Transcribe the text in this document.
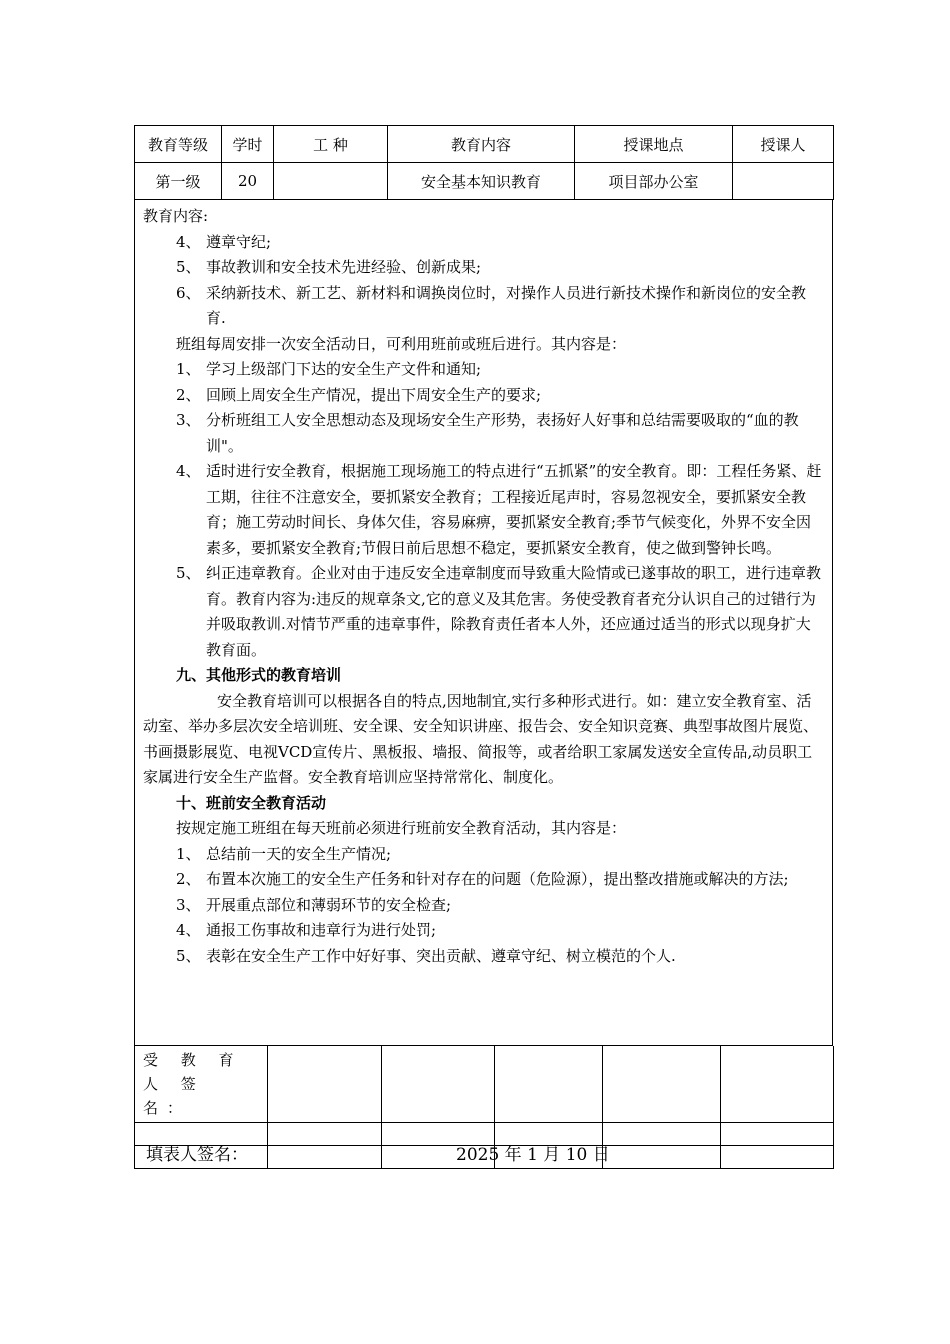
教育等级	学时	工 种	教育内容	授课地点	授课人
第一级	20		安全基本知识教育	项目部办公室	

教育内容:

4、 遵章守纪;
5、 事故教训和安全技术先进经验、创新成果;
6、 采纳新技术、新工艺、新材料和调换岗位时，对操作人员进行新技术操作和新岗位的安全教育.

班组每周安排一次安全活动日，可利用班前或班后进行。其内容是：

1、 学习上级部门下达的安全生产文件和通知;
2、 回顾上周安全生产情况，提出下周安全生产的要求;
3、 分析班组工人安全思想动态及现场安全生产形势，表扬好人好事和总结需要吸取的“血的教训"。
4、 适时进行安全教育，根据施工现场施工的特点进行“五抓紧”的安全教育。即：工程任务紧、赶工期，往往不注意安全，要抓紧安全教育；工程接近尾声时，容易忽视安全，要抓紧安全教育；施工劳动时间长、身体欠佳，容易麻痹，要抓紧安全教育;季节气候变化，外界不安全因素多，要抓紧安全教育;节假日前后思想不稳定，要抓紧安全教育，使之做到警钟长鸣。
5、 纠正违章教育。企业对由于违反安全违章制度而导致重大险情或已遂事故的职工，进行违章教育。教育内容为:违反的规章条文,它的意义及其危害。务使受教育者充分认识自己的过错行为并吸取教训.对情节严重的违章事件，除教育责任者本人外，还应通过适当的形式以现身扩大教育面。

九、其他形式的教育培训

安全教育培训可以根据各自的特点,因地制宜,实行多种形式进行。如：建立安全教育室、活动室、举办多层次安全培训班、安全课、安全知识讲座、报告会、安全知识竞赛、典型事故图片展览、书画摄影展览、电视VCD宣传片、黑板报、墙报、简报等，或者给职工家属发送安全宣传品,动员职工家属进行安全生产监督。安全教育培训应坚持常常化、制度化。

十、班前安全教育活动

按规定施工班组在每天班前必须进行班前安全教育活动，其内容是：

1、 总结前一天的安全生产情况;
2、 布置本次施工的安全生产任务和针对存在的问题（危险源），提出整改措施或解决的方法;
3、 开展重点部位和薄弱环节的安全检查;
4、 通报工伤事故和违章行为进行处罚;
5、 表彰在安全生产工作中好好事、突出贡献、遵章守纪、树立模范的个人.
受 教 育 人 签 名：					

填表人签名：	2025 年 1 月 10 日
